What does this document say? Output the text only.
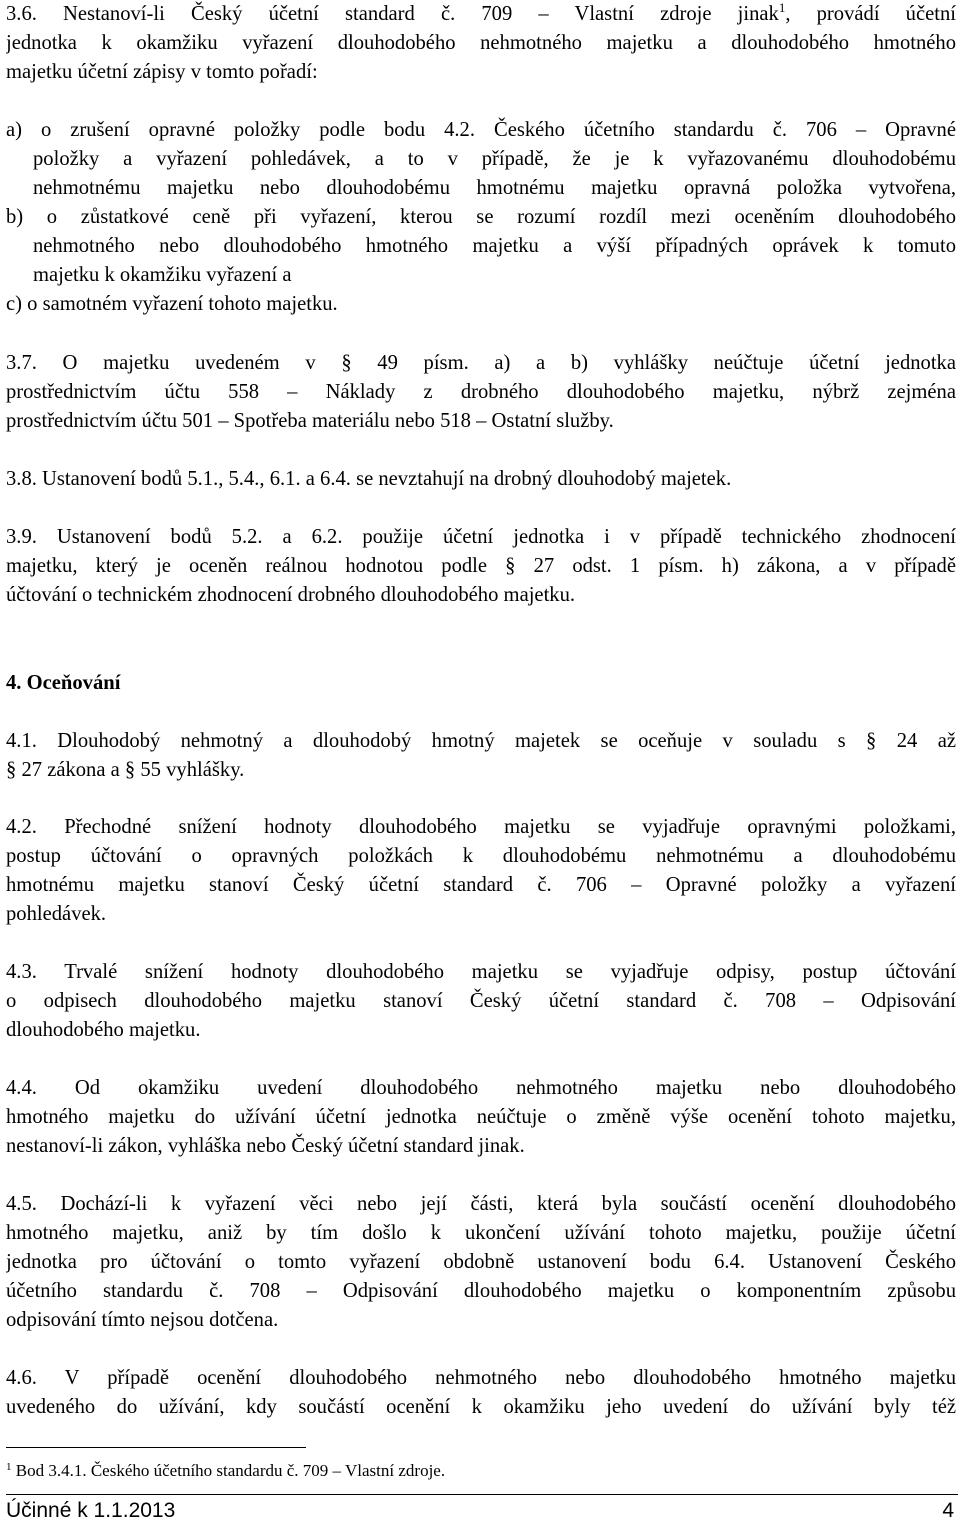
3.6. Nestanoví-li Český účetní standard č. 709 – Vlastní zdroje jinak$^1$, provádí účetní
jednotka k okamžiku vyřazení dlouhodobého nehmotného majetku a dlouhodobého hmotného
majetku účetní zápisy v tomto pořadí:
a) o zrušení opravné položky podle bodu 4.2. Českého účetního standardu č. 706 – Opravné
položky a vyřazení pohledávek, a to v případě, že je k vyřazovanému dlouhodobému
nehmotnému majetku nebo dlouhodobému hmotnému majetku opravná položka vytvořena,
b) o zůstatkové ceně při vyřazení, kterou se rozumí rozdíl mezi oceněním dlouhodobého
nehmotného nebo dlouhodobého hmotného majetku a výší případných oprávek k tomuto
majetku k okamžiku vyřazení a
c) o samotném vyřazení tohoto majetku.
3.7. O majetku uvedeném v § 49 písm. a) a b) vyhlášky neúčtuje účetní jednotka
prostřednictvím účtu 558 – Náklady z drobného dlouhodobého majetku, nýbrž zejména
prostřednictvím účtu 501 – Spotřeba materiálu nebo 518 – Ostatní služby.
3.8. Ustanovení bodů 5.1., 5.4., 6.1. a 6.4. se nevztahují na drobný dlouhodobý majetek.
3.9. Ustanovení bodů 5.2. a 6.2. použije účetní jednotka i v případě technického zhodnocení
majetku, který je oceněn reálnou hodnotou podle § 27 odst. 1 písm. h) zákona, a v případě
účtování o technickém zhodnocení drobného dlouhodobého majetku.
4. Oceňování
4.1. Dlouhodobý nehmotný a dlouhodobý hmotný majetek se oceňuje v souladu s § 24 až
§ 27 zákona a § 55 vyhlášky.
4.2. Přechodné snížení hodnoty dlouhodobého majetku se vyjadřuje opravnými položkami,
postup účtování o opravných položkách k dlouhodobému nehmotnému a dlouhodobému
hmotnému majetku stanoví Český účetní standard č. 706 – Opravné položky a vyřazení
pohledávek.
4.3. Trvalé snížení hodnoty dlouhodobého majetku se vyjadřuje odpisy, postup účtování
o odpisech dlouhodobého majetku stanoví Český účetní standard č. 708 – Odpisování
dlouhodobého majetku.
4.4. Od okamžiku uvedení dlouhodobého nehmotného majetku nebo dlouhodobého
hmotného majetku do užívání účetní jednotka neúčtuje o změně výše ocenění tohoto majetku,
nestanoví-li zákon, vyhláška nebo Český účetní standard jinak.
4.5. Dochází-li k vyřazení věci nebo její části, která byla součástí ocenění dlouhodobého
hmotného majetku, aniž by tím došlo k ukončení užívání tohoto majetku, použije účetní
jednotka pro účtování o tomto vyřazení obdobně ustanovení bodu 6.4. Ustanovení Českého
účetního standardu č. 708 – Odpisování dlouhodobého majetku o komponentním způsobu
odpisování tímto nejsou dotčena.
4.6. V případě ocenění dlouhodobého nehmotného nebo dlouhodobého hmotného majetku
uvedeného do užívání, kdy součástí ocenění k okamžiku jeho uvedení do užívání byly též
$^1$ Bod 3.4.1. Českého účetního standardu č. 709 – Vlastní zdroje.
Účinné k 1.1.2013	4
